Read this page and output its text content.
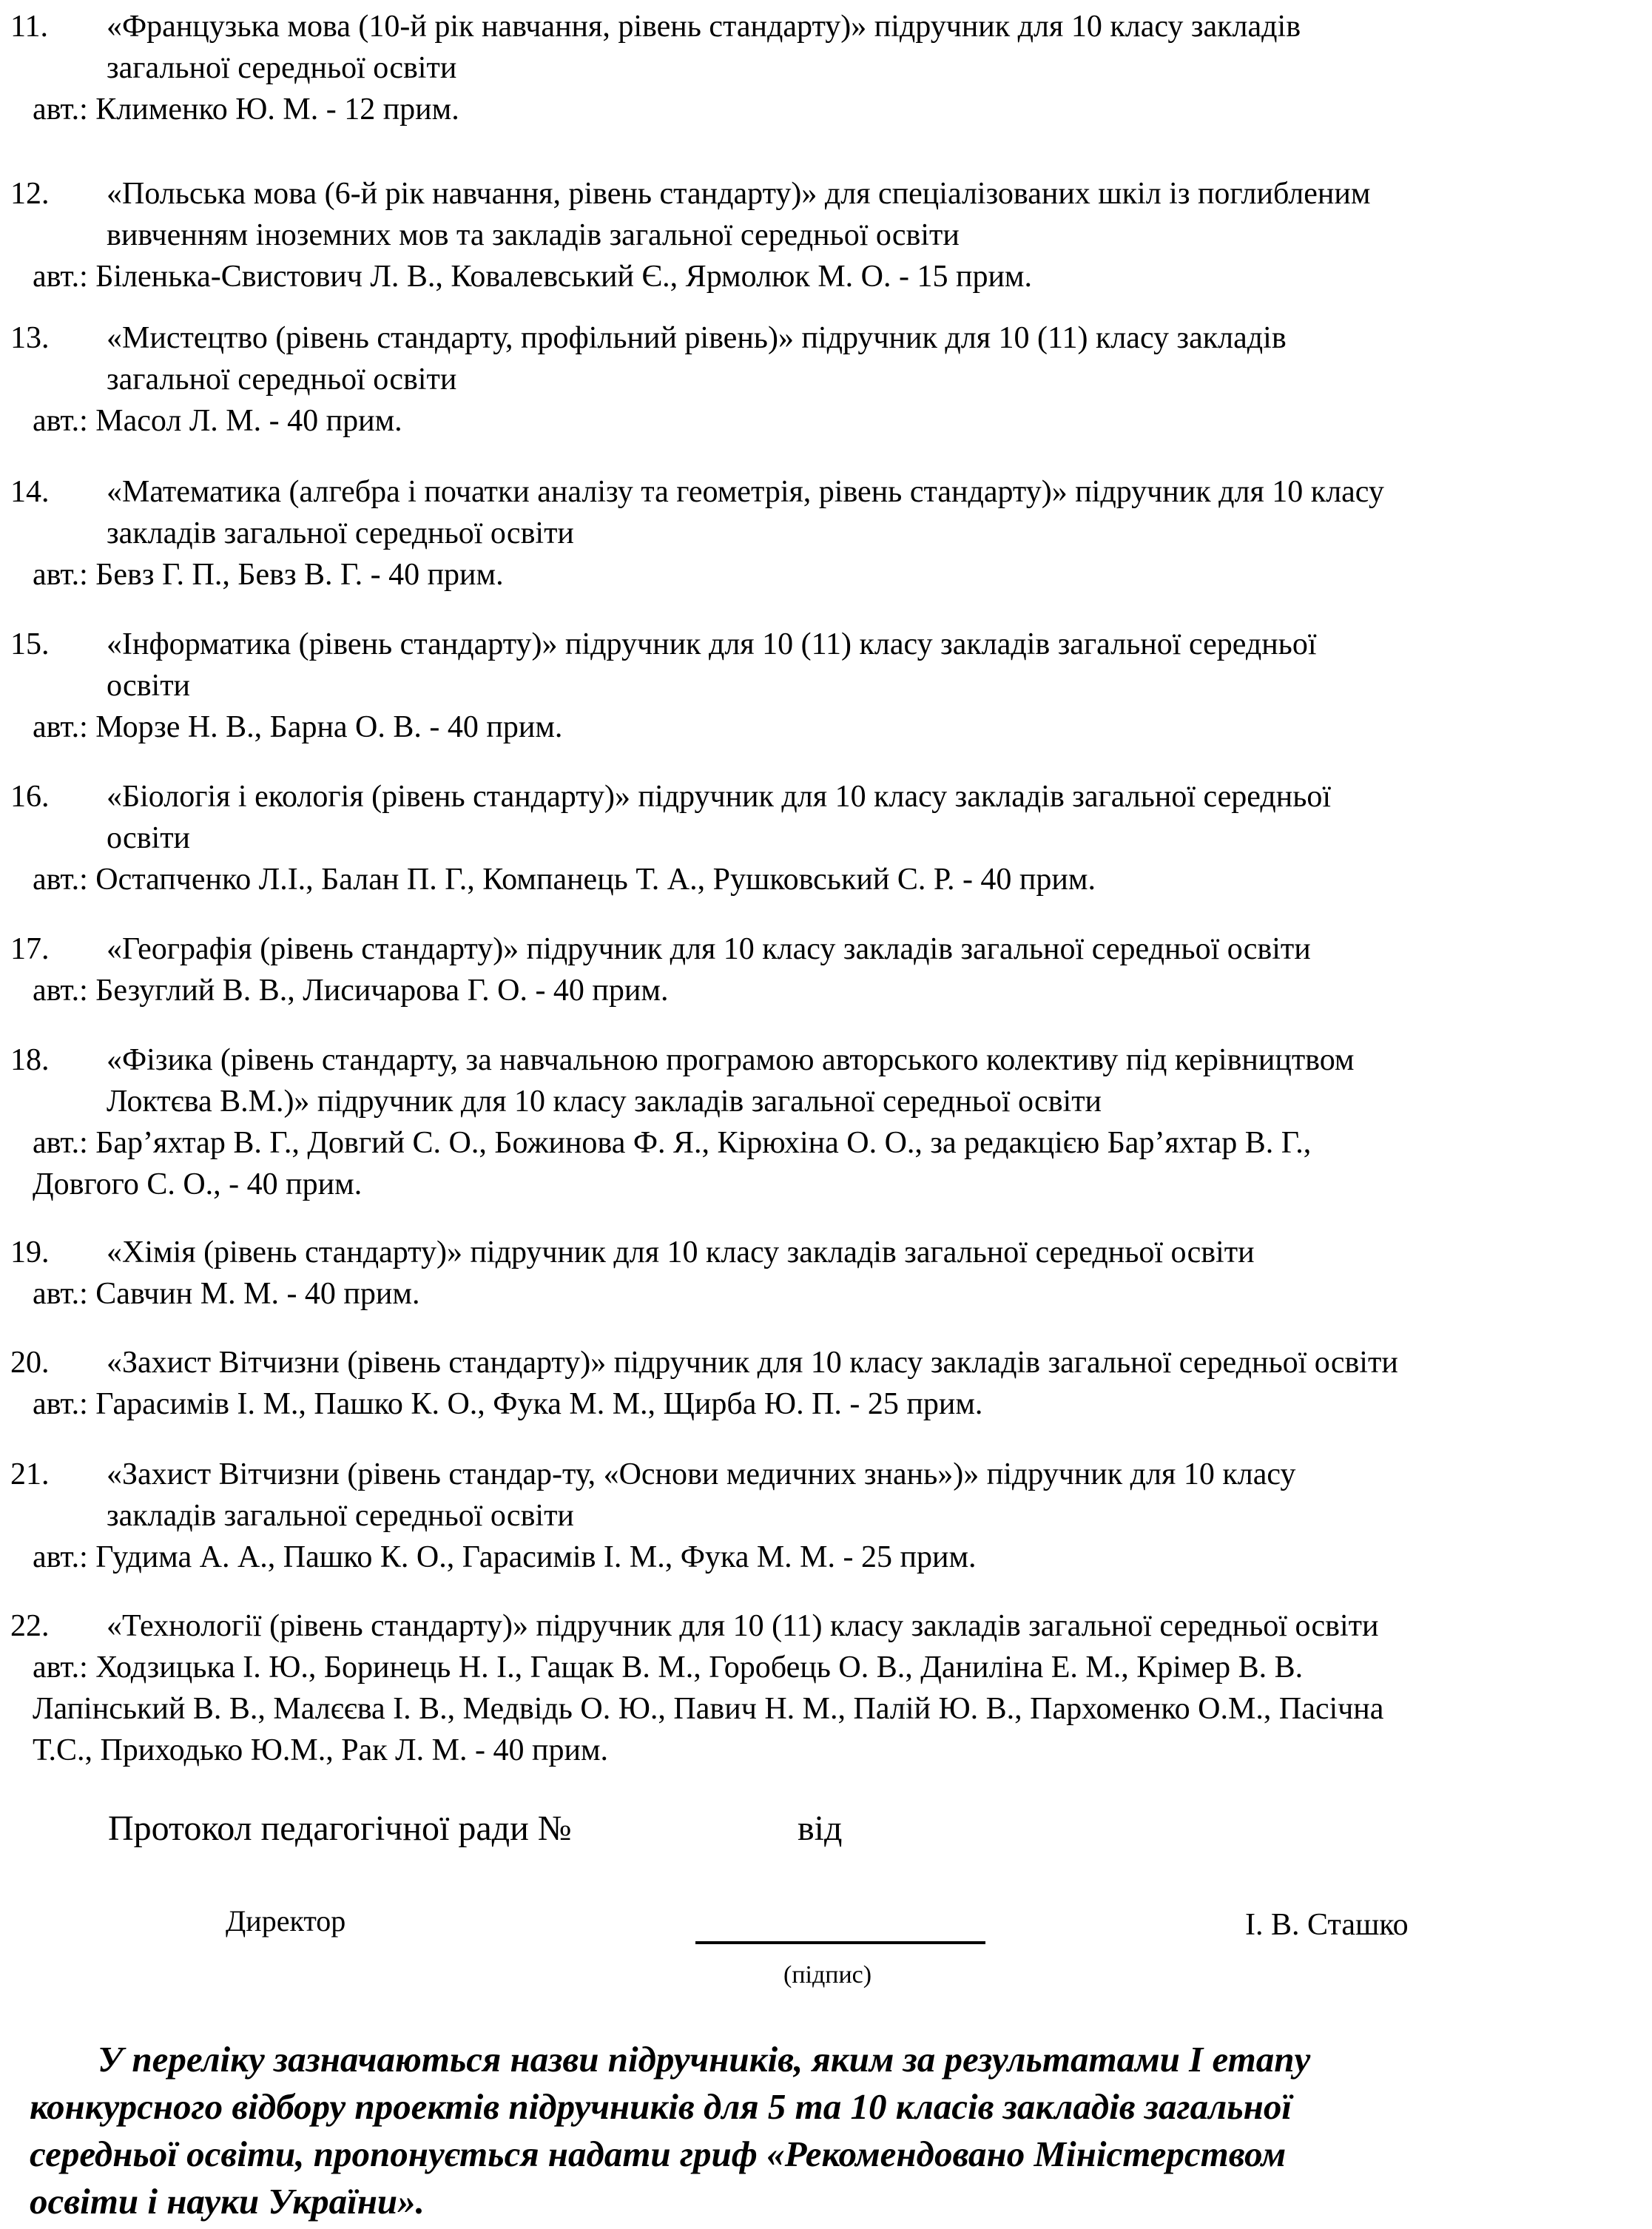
11. «Французька мова (10-й рік навчання, рівень стандарту)» підручник для 10 класу закладів
загальної середньої освіти
авт.: Клименко Ю. М. - 12 прим.
12. «Польська мова (6-й рік навчання, рівень стандарту)» для спеціалізованих шкіл із поглибленим
вивченням іноземних мов та закладів загальної середньої освіти
авт.: Біленька-Свистович Л. В., Ковалевський Є., Ярмолюк М. О. - 15 прим.
13. «Мистецтво (рівень стандарту, профільний рівень)» підручник для 10 (11) класу закладів
загальної середньої освіти
авт.: Масол Л. М. - 40 прим.
14. «Математика (алгебра і початки аналізу та геометрія, рівень стандарту)» підручник для 10 класу
закладів загальної середньої освіти
авт.: Бевз Г. П., Бевз В. Г. - 40 прим.
15. «Інформатика (рівень стандарту)» підручник для 10 (11) класу закладів загальної середньої
освіти
авт.: Морзе Н. В., Барна О. В. - 40 прим.
16. «Біологія і екологія (рівень стандарту)» підручник для 10 класу закладів загальної середньої
освіти
авт.: Остапченко Л.І., Балан П. Г., Компанець Т. А., Рушковський С. Р. - 40 прим.
17. «Географія (рівень стандарту)» підручник для 10 класу закладів загальної середньої освіти
авт.: Безуглий В. В., Лисичарова Г. О. - 40 прим.
18. «Фізика (рівень стандарту, за навчальною програмою авторського колективу під керівництвом
Локтєва В.М.)» підручник для 10 класу закладів загальної середньої освіти
авт.: Бар’яхтар В. Г., Довгий С. О., Божинова Ф. Я., Кірюхіна О. О., за редакцією Бар’яхтар В. Г.,
Довгого С. О., - 40 прим.
19. «Хімія (рівень стандарту)» підручник для 10 класу закладів загальної середньої освіти
авт.: Савчин М. М. - 40 прим.
20. «Захист Вітчизни (рівень стандарту)» підручник для 10 класу закладів загальної середньої освіти
авт.: Гарасимів І. М., Пашко К. О., Фука М. М., Щирба Ю. П. - 25 прим.
21. «Захист Вітчизни (рівень стандар-ту, «Основи медичних знань»)» підручник для 10 класу
закладів загальної середньої освіти
авт.: Гудима А. А., Пашко К. О., Гарасимів І. М., Фука М. М. - 25 прим.
22. «Технології (рівень стандарту)» підручник для 10 (11) класу закладів загальної середньої освіти
авт.: Ходзицька І. Ю., Боринець Н. І., Гащак В. М., Горобець О. В., Даниліна Е. М., Крімер В. В.
Лапінський В. В., Малєєва І. В., Медвідь О. Ю., Павич Н. М., Палій Ю. В., Пархоменко О.М., Пасічна
Т.С., Приходько Ю.М., Рак Л. М. - 40 прим.
Протокол педагогічної ради №	від
Директор
(підпис)
І. В. Сташко
У переліку зазначаються назви підручників, яким за результатами І етапу
конкурсного відбору проектів підручників для 5 та 10 класів закладів загальної
середньої освіти, пропонується надати гриф «Рекомендовано Міністерством
освіти і науки України».
